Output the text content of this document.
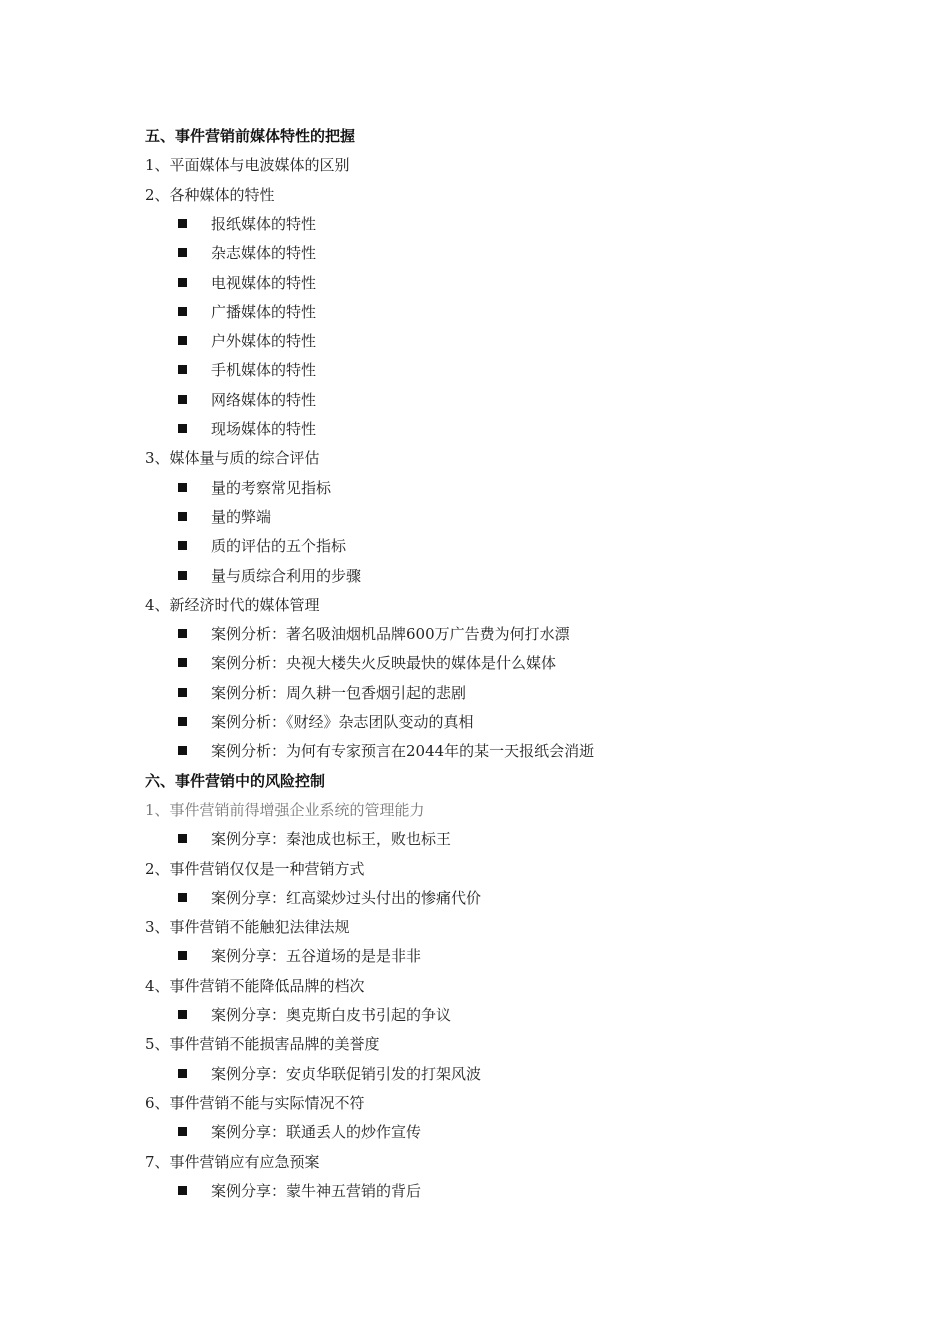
五、事件营销前媒体特性的把握
1、平面媒体与电波媒体的区别
2、各种媒体的特性
报纸媒体的特性
杂志媒体的特性
电视媒体的特性
广播媒体的特性
户外媒体的特性
手机媒体的特性
网络媒体的特性
现场媒体的特性
3、媒体量与质的综合评估
量的考察常见指标
量的弊端
质的评估的五个指标
量与质综合利用的步骤
4、新经济时代的媒体管理
案例分析：著名吸油烟机品牌600万广告费为何打水漂
案例分析：央视大楼失火反映最快的媒体是什么媒体
案例分析：周久耕一包香烟引起的悲剧
案例分析：《财经》杂志团队变动的真相
案例分析：为何有专家预言在2044年的某一天报纸会消逝
六、事件营销中的风险控制
1、事件营销前得增强企业系统的管理能力
案例分享：秦池成也标王，败也标王
2、事件营销仅仅是一种营销方式
案例分享：红高粱炒过头付出的惨痛代价
3、事件营销不能触犯法律法规
案例分享：五谷道场的是是非非
4、事件营销不能降低品牌的档次
案例分享：奥克斯白皮书引起的争议
5、事件营销不能损害品牌的美誉度
案例分享：安贞华联促销引发的打架风波
6、事件营销不能与实际情况不符
案例分享：联通丢人的炒作宣传
7、事件营销应有应急预案
案例分享：蒙牛神五营销的背后
